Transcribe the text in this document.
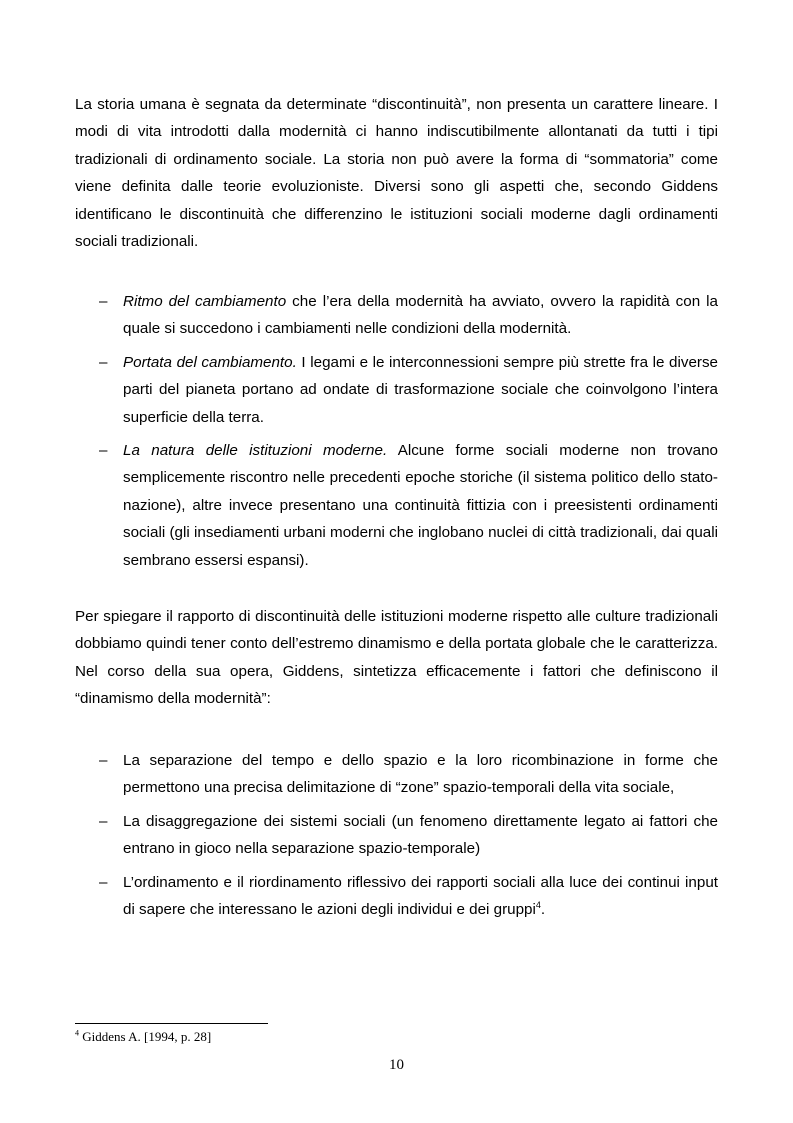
La storia umana è segnata da determinate “discontinuità”, non presenta un carattere lineare. I modi di vita introdotti dalla modernità ci hanno indiscutibilmente allontanati da tutti i tipi tradizionali di ordinamento sociale. La storia non può avere la forma di “sommatoria” come viene definita dalle teorie evoluzioniste. Diversi sono gli aspetti che, secondo Giddens identificano le discontinuità che differenzino le istituzioni sociali moderne dagli ordinamenti sociali tradizionali.

– Ritmo del cambiamento che l’era della modernità ha avviato, ovvero la rapidità con la quale si succedono i cambiamenti nelle condizioni della modernità.
– Portata del cambiamento. I legami e le interconnessioni sempre più strette fra le diverse parti del pianeta portano ad ondate di trasformazione sociale che coinvolgono l’intera superficie della terra.
– La natura delle istituzioni moderne. Alcune forme sociali moderne non trovano semplicemente riscontro nelle precedenti epoche storiche (il sistema politico dello stato-nazione), altre invece presentano una continuità fittizia con i preesistenti ordinamenti sociali (gli insediamenti urbani moderni che inglobano nuclei di città tradizionali, dai quali sembrano essersi espansi).

Per spiegare il rapporto di discontinuità delle istituzioni moderne rispetto alle culture tradizionali dobbiamo quindi tener conto dell’estremo dinamismo e della portata globale che le caratterizza. Nel corso della sua opera, Giddens, sintetizza efficacemente i fattori che definiscono il “dinamismo della modernità”:

– La separazione del tempo e dello spazio e la loro ricombinazione in forme che permettono una precisa delimitazione di “zone” spazio-temporali della vita sociale,
– La disaggregazione dei sistemi sociali (un fenomeno direttamente legato ai fattori che entrano in gioco nella separazione spazio-temporale)
– L’ordinamento e il riordinamento riflessivo dei rapporti sociali alla luce dei continui input di sapere che interessano le azioni degli individui e dei gruppi$^4$.
$^4$ Giddens A. [1994, p. 28]
10
